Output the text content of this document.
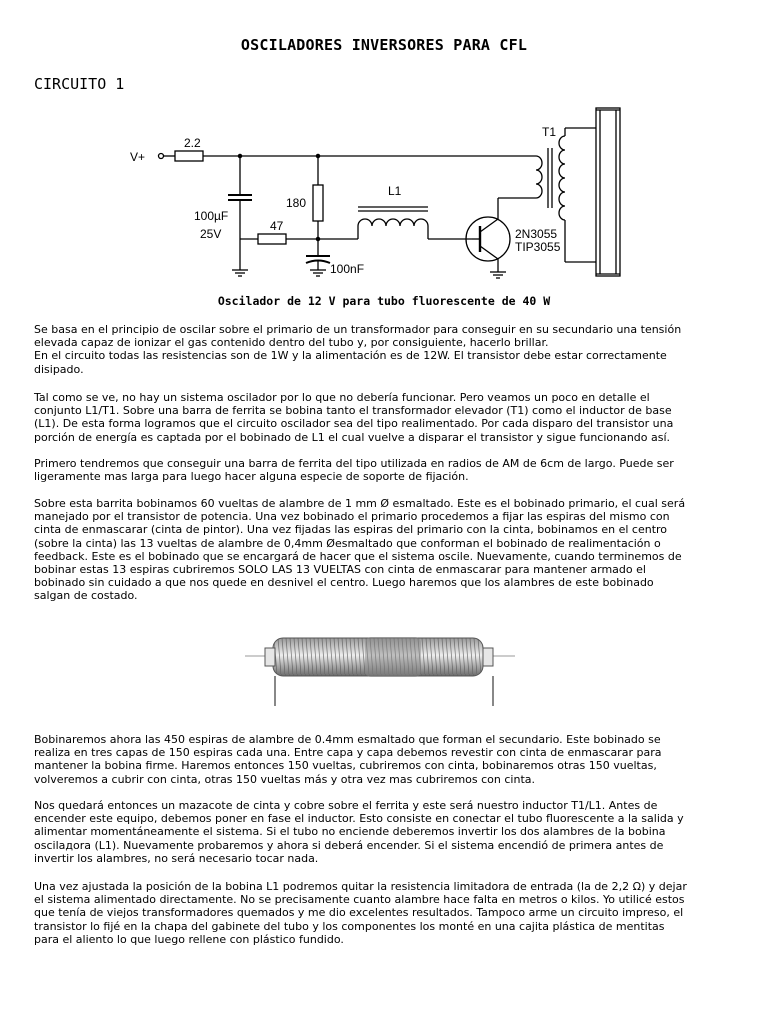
OSCILADORES INVERSORES PARA CFL
CIRCUITO 1
V+
2.2
180
47
100µF
25V
100nF
L1
T1
2N3055
TIP3055
Oscilador de 12 V para tubo fluorescente de 40 W

Se basa en el principio de oscilar sobre el primario de un transformador para conseguir en su secundario una tensión
elevada capaz de ionizar el gas contenido dentro del tubo y, por consiguiente, hacerlo brillar.
En el circuito todas las resistencias son de 1W y la alimentación es de 12W. El transistor debe estar correctamente
disipado.

Tal como se ve, no hay un sistema oscilador por lo que no debería funcionar. Pero veamos un poco en detalle el
conjunto L1/T1. Sobre una barra de ferrita se bobina tanto el transformador elevador (T1) como el inductor de base
(L1). De esta forma logramos que el circuito oscilador sea del tipo realimentado. Por cada disparo del transistor una
porción de energía es captada por el bobinado de L1 el cual vuelve a disparar el transistor y sigue funcionando así.

Primero tendremos que conseguir una barra de ferrita del tipo utilizada en radios de AM de 6cm de largo. Puede ser
ligeramente mas larga para luego hacer alguna especie de soporte de fijación.

Sobre esta barrita bobinamos 60 vueltas de alambre de 1 mm Ø esmaltado. Este es el bobinado primario, el cual será
manejado por el transistor de potencia. Una vez bobinado el primario procedemos a fijar las espiras del mismo con
cinta de enmascarar (cinta de pintor). Una vez fijadas las espiras del primario con la cinta, bobinamos en el centro
(sobre la cinta) las 13 vueltas de alambre de 0,4mm Øesmaltado que conforman el bobinado de realimentación o
feedback. Este es el bobinado que se encargará de hacer que el sistema oscile. Nuevamente, cuando terminemos de
bobinar estas 13 espiras cubriremos SOLO LAS 13 VUELTAS con cinta de enmascarar para mantener armado el
bobinado sin cuidado a que nos quede en desnivel el centro. Luego haremos que los alambres de este bobinado
salgan de costado.

Bobinaremos ahora las 450 espiras de alambre de 0.4mm esmaltado que forman el secundario. Este bobinado se
realiza en tres capas de 150 espiras cada una. Entre capa y capa debemos revestir con cinta de enmascarar para
mantener la bobina firme. Haremos entonces 150 vueltas, cubriremos con cinta, bobinaremos otras 150 vueltas,
volveremos a cubrir con cinta, otras 150 vueltas más y otra vez mas cubriremos con cinta.

Nos quedará entonces un mazacote de cinta y cobre sobre el ferrita y este será nuestro inductor T1/L1. Antes de
encender este equipo, debemos poner en fase el inductor. Esto consiste en conectar el tubo fluorescente a la salida y
alimentar momentáneamente el sistema. Si el tubo no enciende deberemos invertir los dos alambres de la bobina
oscilадora (L1). Nuevamente probaremos y ahora si deberá encender. Si el sistema encendió de primera antes de
invertir los alambres, no será necesario tocar nada.

Una vez ajustada la posición de la bobina L1 podremos quitar la resistencia limitadora de entrada (la de 2,2 Ω) y dejar
el sistema alimentado directamente. No se precisamente cuanto alambre hace falta en metros o kilos. Yo utilicé estos
que tenía de viejos transformadores quemados y me dio excelentes resultados. Tampoco arme un circuito impreso, el
transistor lo fijé en la chapa del gabinete del tubo y los componentes los monté en una cajita plástica de mentitas
para el aliento lo que luego rellene con plástico fundido.
